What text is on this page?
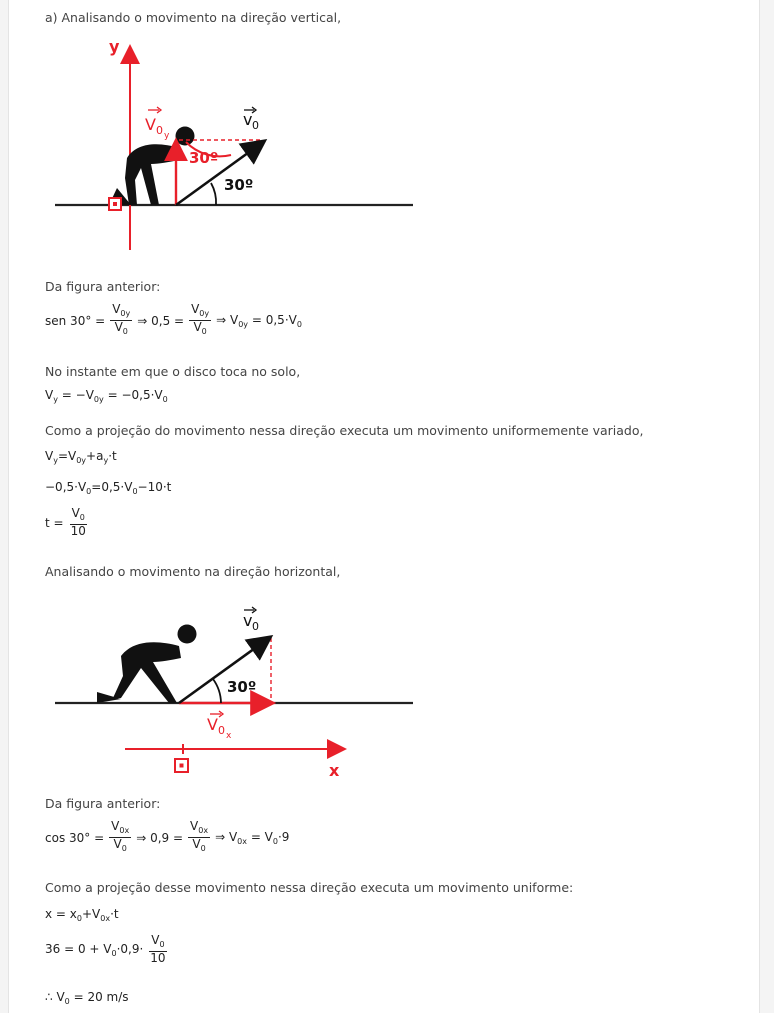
a) Analisando o movimento na direção vertical,
y
V 0 y
v 0
30º
30º
Da figura anterior:
sen $30^\circ = \frac{V_{0y}}{V_0}$ ⇒ $0,5 = \frac{V_{0y}}{V_0}$ ⇒ $V_{0y} = 0,5\cdot V_0$
No instante em que o disco toca no solo,
$V_y = -V_{0y} = -0,5\cdot V_0$
Como a projeção do movimento nessa direção executa um movimento uniformemente variado,
$V_y=V_{0y}+a_y\cdot t$
$-0,5\cdot V_0=0,5\cdot V_0-10\cdot t$
$t = \frac{V_0}{10}$
Analisando o movimento na direção horizontal,
30º
v 0
V 0 x
x
Da figura anterior:
$\cos 30^\circ = \frac{V_{0x}}{V_0}$ ⇒ $0,9 = \frac{V_{0x}}{V_0}$ ⇒ $V_{0x} = V_0\cdot 9$
Como a projeção desse movimento nessa direção executa um movimento uniforme:
$x = x_0+V_{0x}\cdot t$
$36 = 0 + V_0\cdot 0,9\cdot \frac{V_0}{10}$
∴ $V_0 = 20$ m/s
